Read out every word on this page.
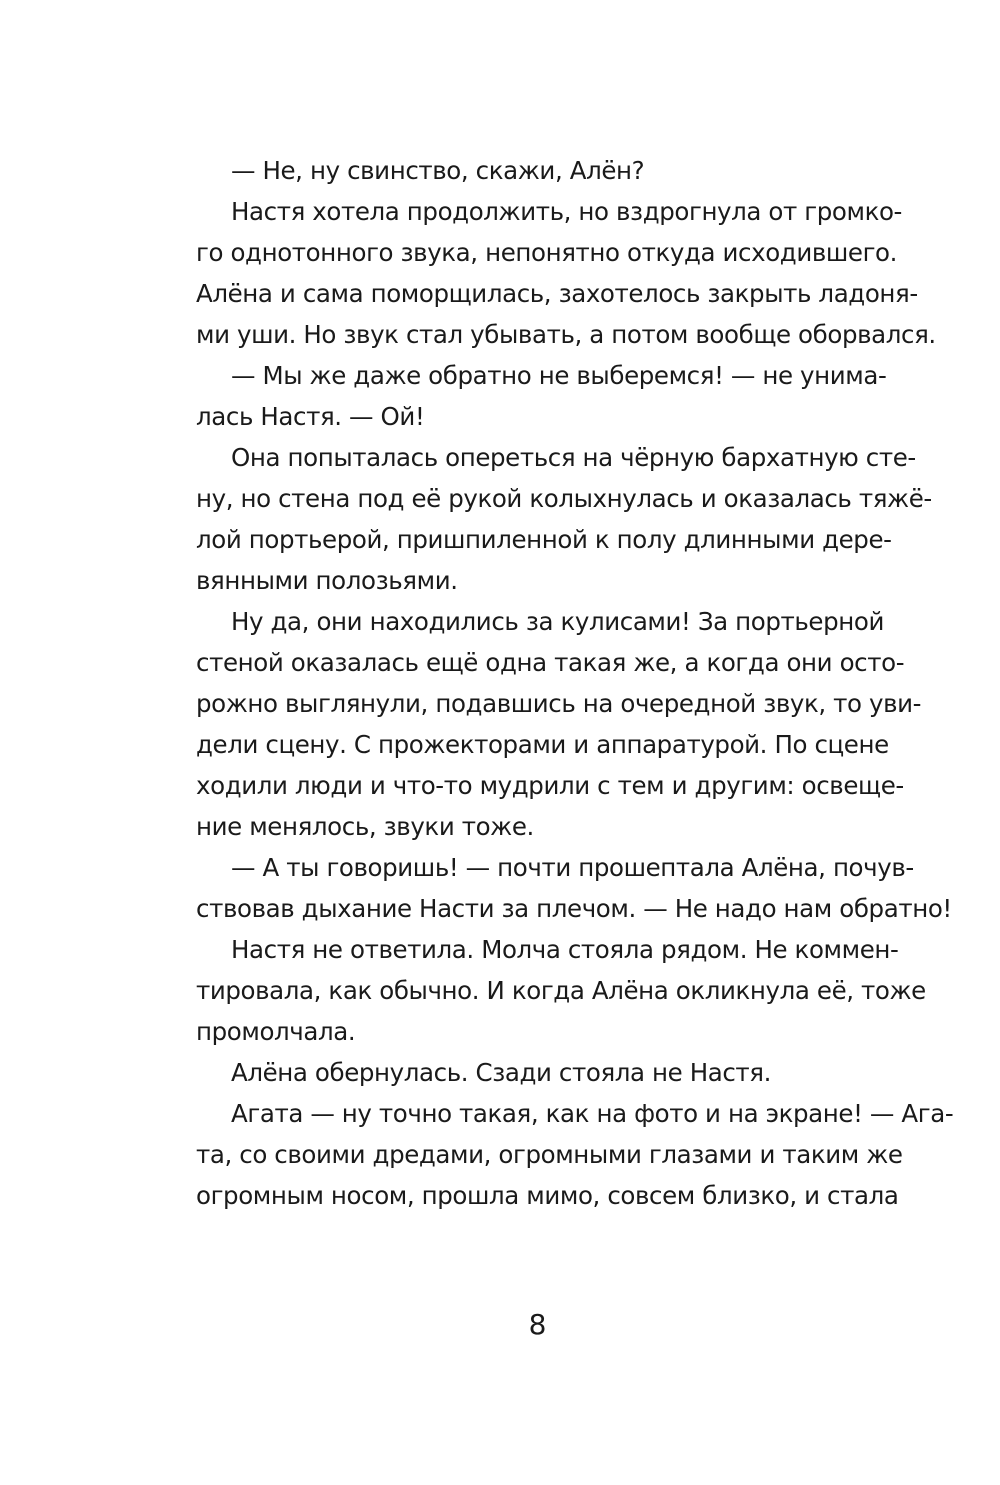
— Не, ну свинство, скажи, Алён?
Настя хотела продолжить, но вздрогнула от громко-
го однотонного звука, непонятно откуда исходившего.
Алёна и сама поморщилась, захотелось закрыть ладоня-
ми уши. Но звук стал убывать, а потом вообще оборвался.
— Мы же даже обратно не выберемся! — не унима-
лась Настя. — Ой!
Она попыталась опереться на чёрную бархатную сте-
ну, но стена под её рукой колыхнулась и оказалась тяжё-
лой портьерой, пришпиленной к полу длинными дере-
вянными полозьями.
Ну да, они находились за кулисами! За портьерной
стеной оказалась ещё одна такая же, а когда они осто-
рожно выглянули, подавшись на очередной звук, то уви-
дели сцену. С прожекторами и аппаратурой. По сцене
ходили люди и что-то мудрили с тем и другим: освеще-
ние менялось, звуки тоже.
— А ты говоришь! — почти прошептала Алёна, почув-
ствовав дыхание Насти за плечом. — Не надо нам обратно!
Настя не ответила. Молча стояла рядом. Не коммен-
тировала, как обычно. И когда Алёна окликнула её, тоже
промолчала.
Алёна обернулась. Сзади стояла не Настя.
Агата — ну точно такая, как на фото и на экране! — Ага-
та, со своими дредами, огромными глазами и таким же
огромным носом, прошла мимо, совсем близко, и стала
8
